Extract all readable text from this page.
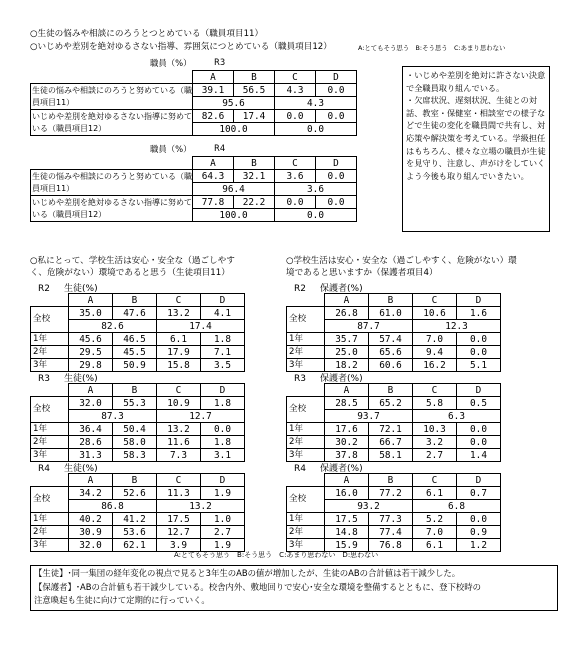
○生徒の悩みや相談にのろうとつとめている（職員項目11）
○いじめや差別を絶対ゆるさない指導、雰囲気につとめている（職員項目12）	A:とてもそう思う　B:そう思う　C:あまり思わない
職員（%）	R3
	A	B	C	D
生徒の悩みや相談にのろうと努めている（職員項目11）	39.1	56.5	4.3	0.0
	95.6		4.3	
いじめや差別を絶対ゆるさない指導に努めている（職員項目12）	82.6	17.4	0.0	0.0
	100.0		0.0	
職員（%）	R4
	A	B	C	D
生徒の悩みや相談にのろうと努めている（職員項目11）	64.3	32.1	3.6	0.0
	96.4		3.6	
いじめや差別を絶対ゆるさない指導に努めている（職員項目12）	77.8	22.2	0.0	0.0
	100.0		0.0	

・いじめや差別を絶対に許さない決意で全職員取り組んでいる。

・欠席状況、遅刻状況、生徒との対話、教室・保健室・相談室での様子などで生徒の変化を職員間で共有し、対応策や解決策を考えている。学級担任はもちろん、様々な立場の職員が生徒を見守り、注意し、声がけをしていくよう今後も取り組んでいきたい。

○私にとって、学校生活は安心・安全な（過ごしやす
く、危険がない）環境であると思う（生徒項目11）
○学校生活は安心・安全な（過ごしやすく、危険がない）環
境であると思いますか（保護者項目4）
R2 生徒(%)
	A	B	C	D
全校	35.0	47.6	13.2	4.1
	82.6		17.4	
1年	45.6	46.5	6.1	1.8
2年	29.5	45.5	17.9	7.1
3年	29.8	50.9	15.8	3.5
R3 生徒(%)
	A	B	C	D
全校	32.0	55.3	10.9	1.8
	87.3		12.7	
1年	36.4	50.4	13.2	0.0
2年	28.6	58.0	11.6	1.8
3年	31.3	58.3	7.3	3.1
R4 生徒(%)
	A	B	C	D
全校	34.2	52.6	11.3	1.9
	86.8		13.2	
1年	40.2	41.2	17.5	1.0
2年	30.9	53.6	12.7	2.7
3年	32.0	62.1	3.9	1.9
R2 保護者(%)
	A	B	C	D
全校	26.8	61.0	10.6	1.6
	87.7		12.3	
1年	35.7	57.4	7.0	0.0
2年	25.0	65.6	9.4	0.0
3年	18.2	60.6	16.2	5.1
R3 保護者(%)
	A	B	C	D
全校	28.5	65.2	5.8	0.5
	93.7		6.3	
1年	17.6	72.1	10.3	0.0
2年	30.2	66.7	3.2	0.0
3年	37.8	58.1	2.7	1.4
R4 保護者(%)
	A	B	C	D
全校	16.0	77.2	6.1	0.7
	93.2		6.8	
1年	17.5	77.3	5.2	0.0
2年	14.8	77.4	7.0	0.9
3年	15.9	76.8	6.1	1.2
A:とてもそう思う　B:そう思う　C:あまり思わない　D:思わない

【生徒】･同一集団の経年変化の視点で見ると3年生のABの値が増加したが、生徒のABの合計値は若干減少した。

【保護者】･ABの合計値も若干減少している。校舎内外、敷地回りで安心･安全な環境を整備するとともに、登下校時の

注意喚起も生徒に向けて定期的に行っていく。
